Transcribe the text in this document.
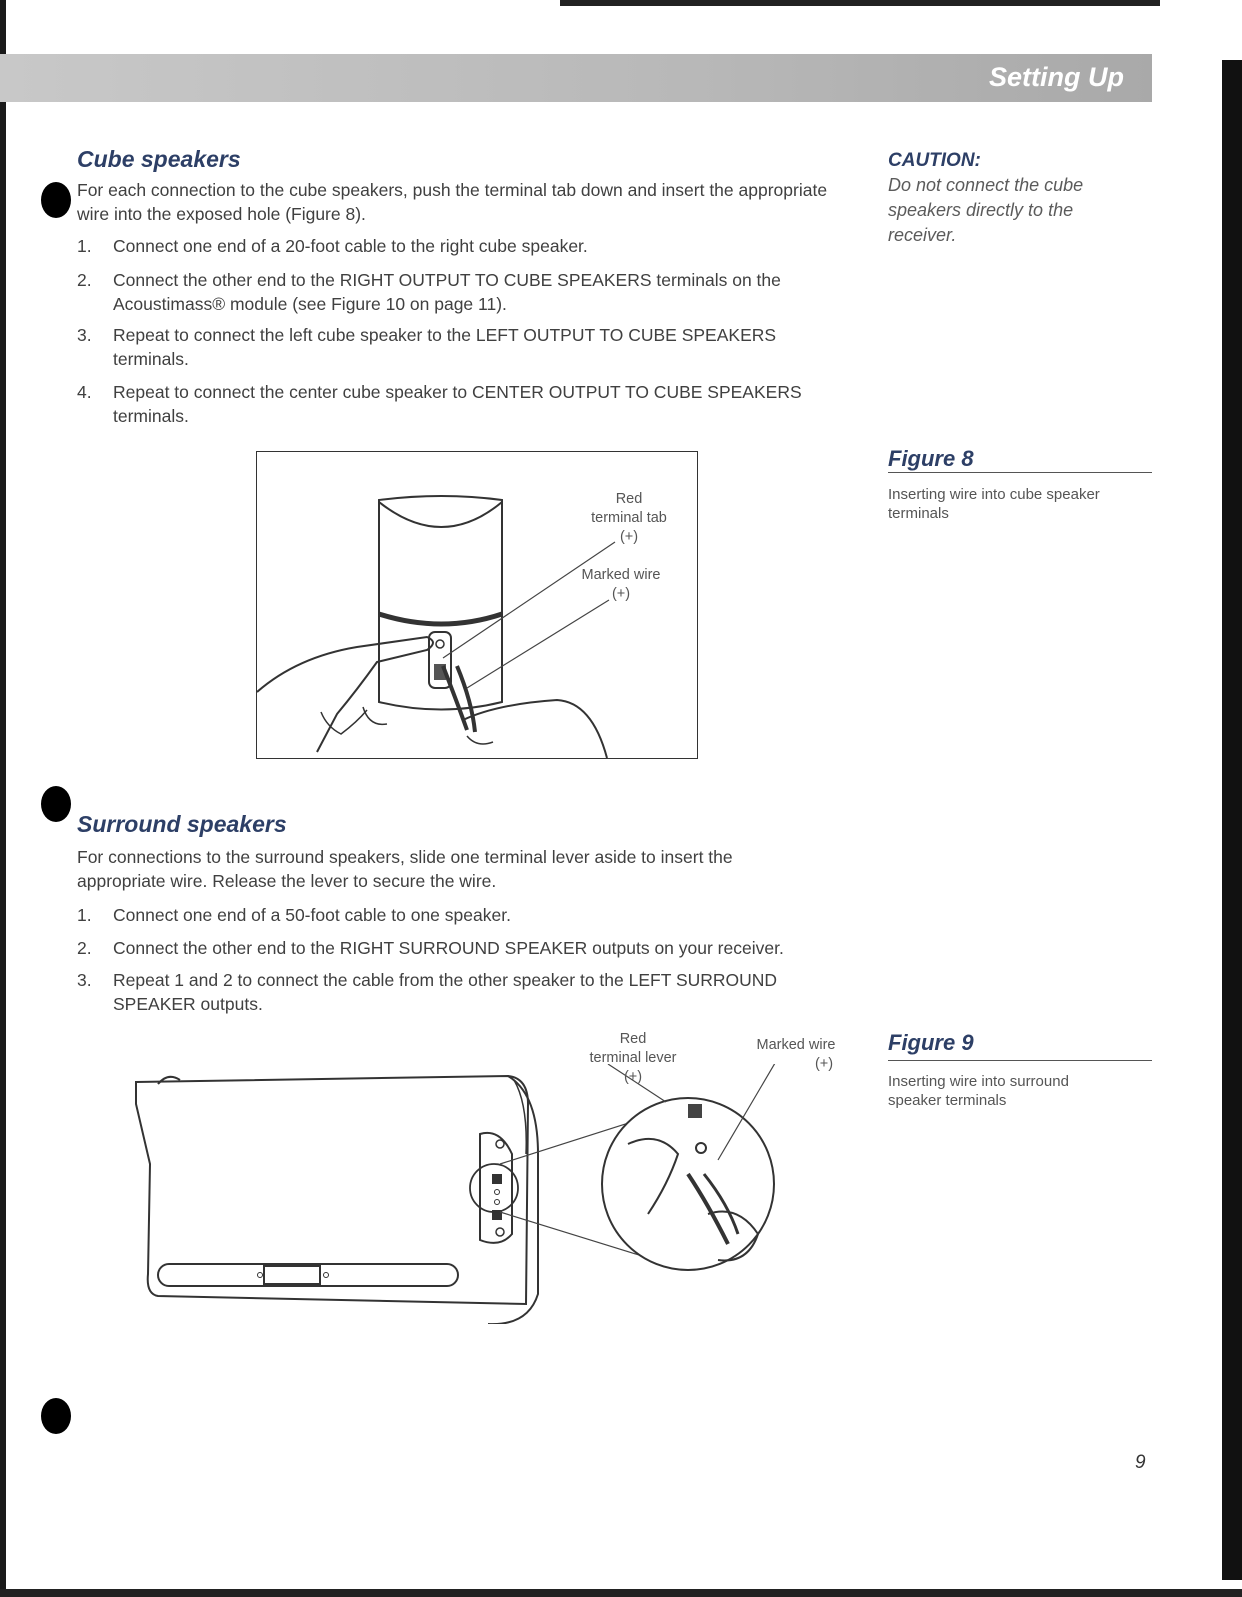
Setting Up
Cube speakers
For each connection to the cube speakers, push the terminal tab down and insert the appropriate wire into the exposed hole (Figure 8).
1.	Connect one end of a 20-foot cable to the right cube speaker.
2.	Connect the other end to the RIGHT OUTPUT TO CUBE SPEAKERS terminals on the
Acoustimass® module (see Figure 10 on page 11).
3.	Repeat to connect the left cube speaker to the LEFT OUTPUT TO CUBE SPEAKERS
terminals.
4.	Repeat to connect the center cube speaker to CENTER OUTPUT TO CUBE SPEAKERS
terminals.
CAUTION:
Do not connect the cube speakers directly to the receiver.
Figure 8
Inserting wire into cube speaker terminals
Red
terminal tab
(+)
Marked wire
(+)
Surround speakers
For connections to the surround speakers, slide one terminal lever aside to insert the
appropriate wire. Release the lever to secure the wire.
1.	Connect one end of a 50-foot cable to one speaker.
2.	Connect the other end to the RIGHT SURROUND SPEAKER outputs on your receiver.
3.	Repeat 1 and 2 to connect the cable from the other speaker to the LEFT SURROUND
SPEAKER outputs.
Figure 9
Inserting wire into surround speaker terminals
Red
terminal lever
(+)
Marked wire
(+)
9
